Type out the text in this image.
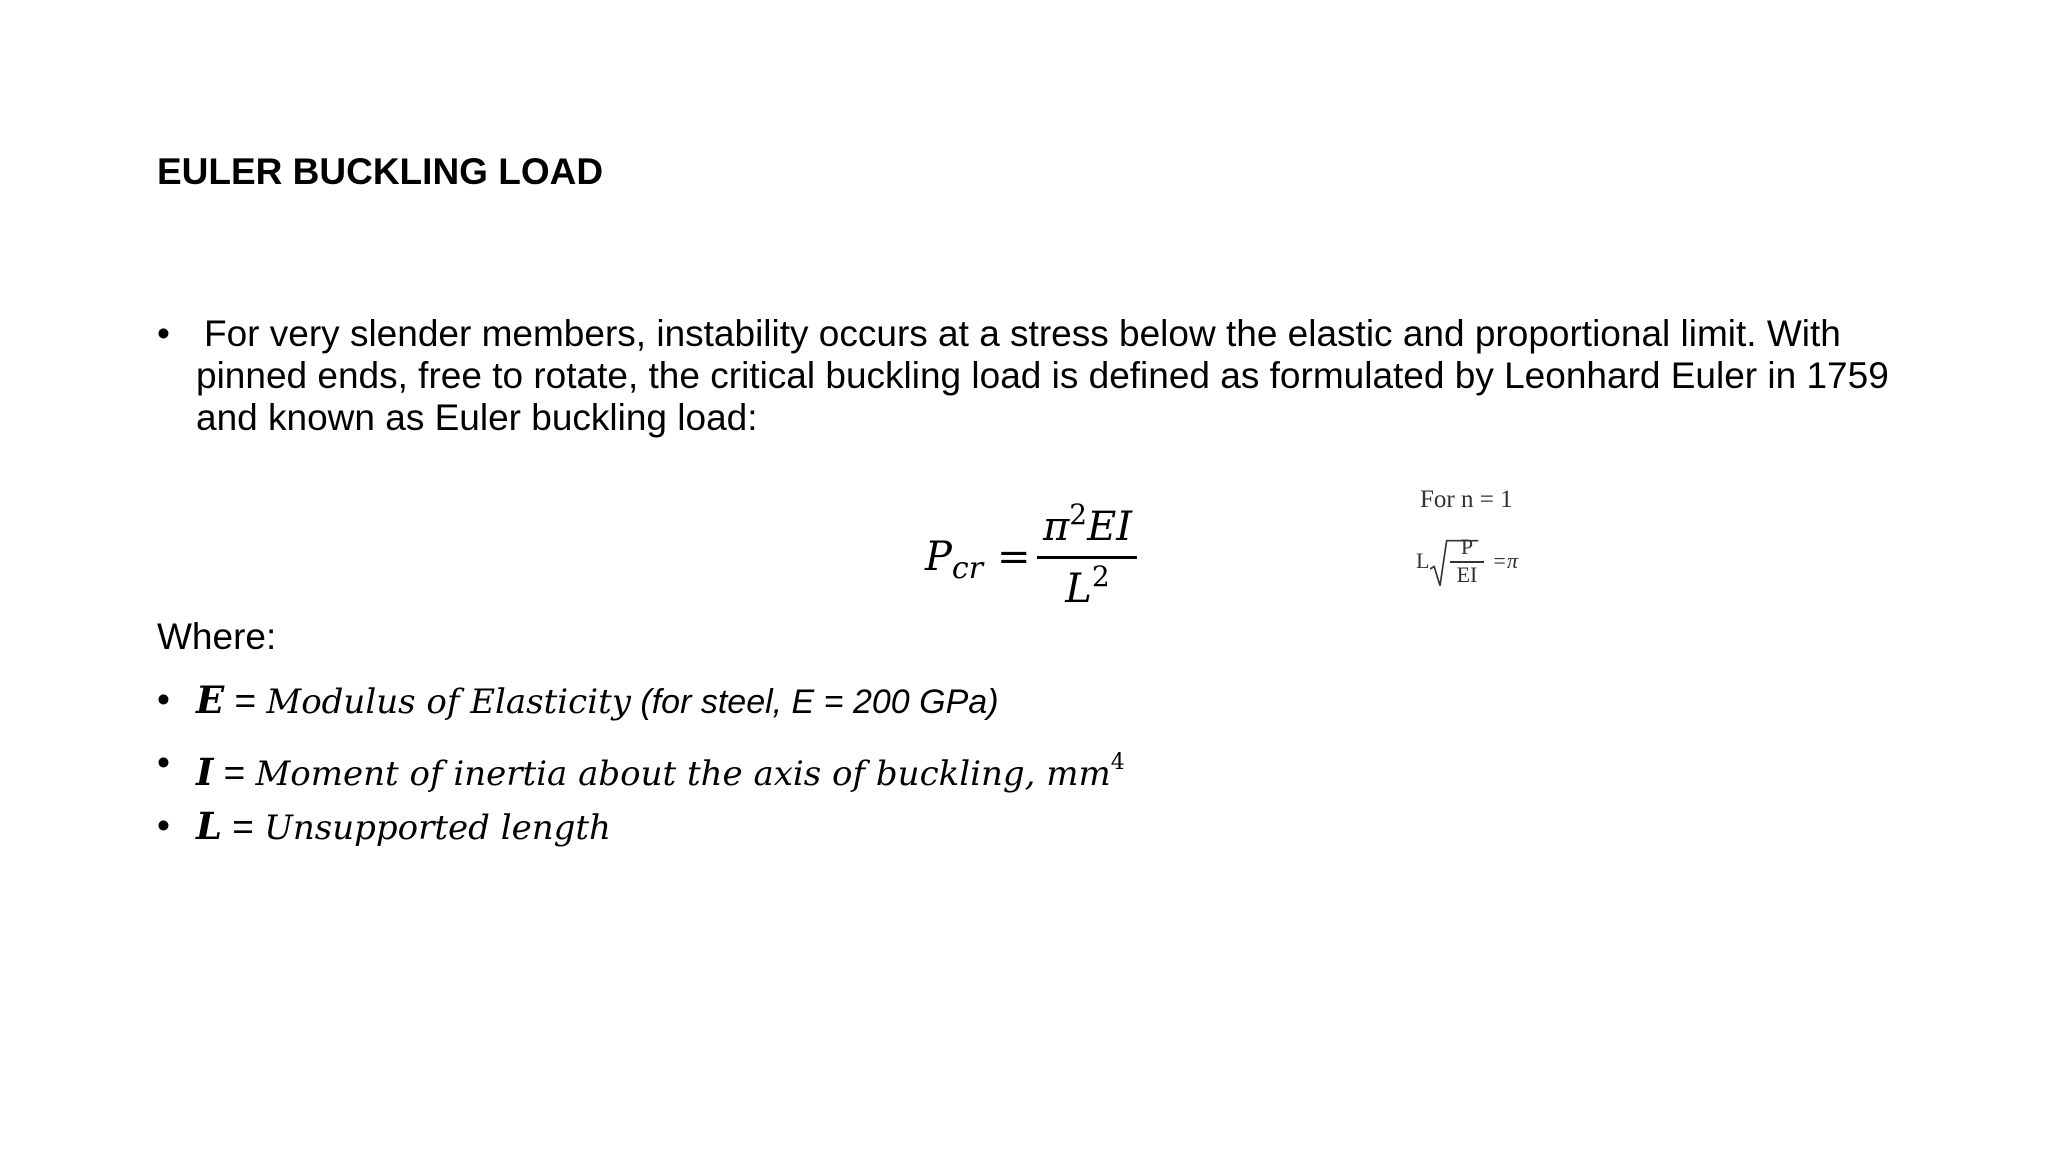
EULER BUCKLING LOAD
• For very slender members, instability occurs at a stress below the elastic and proportional limit. With pinned ends, free to rotate, the critical buckling load is defined as formulated by Leonhard Euler in 1759 and known as Euler buckling load:
$P_{cr}$ =
$\pi^2EI$
$L^2$
For n = 1
L
P
EI
=π
Where:
• E = Modulus of Elasticity (for steel, E = 200 GPa)
• I = Moment of inertia about the axis of buckling, $mm^4$
• L = Unsupported length
